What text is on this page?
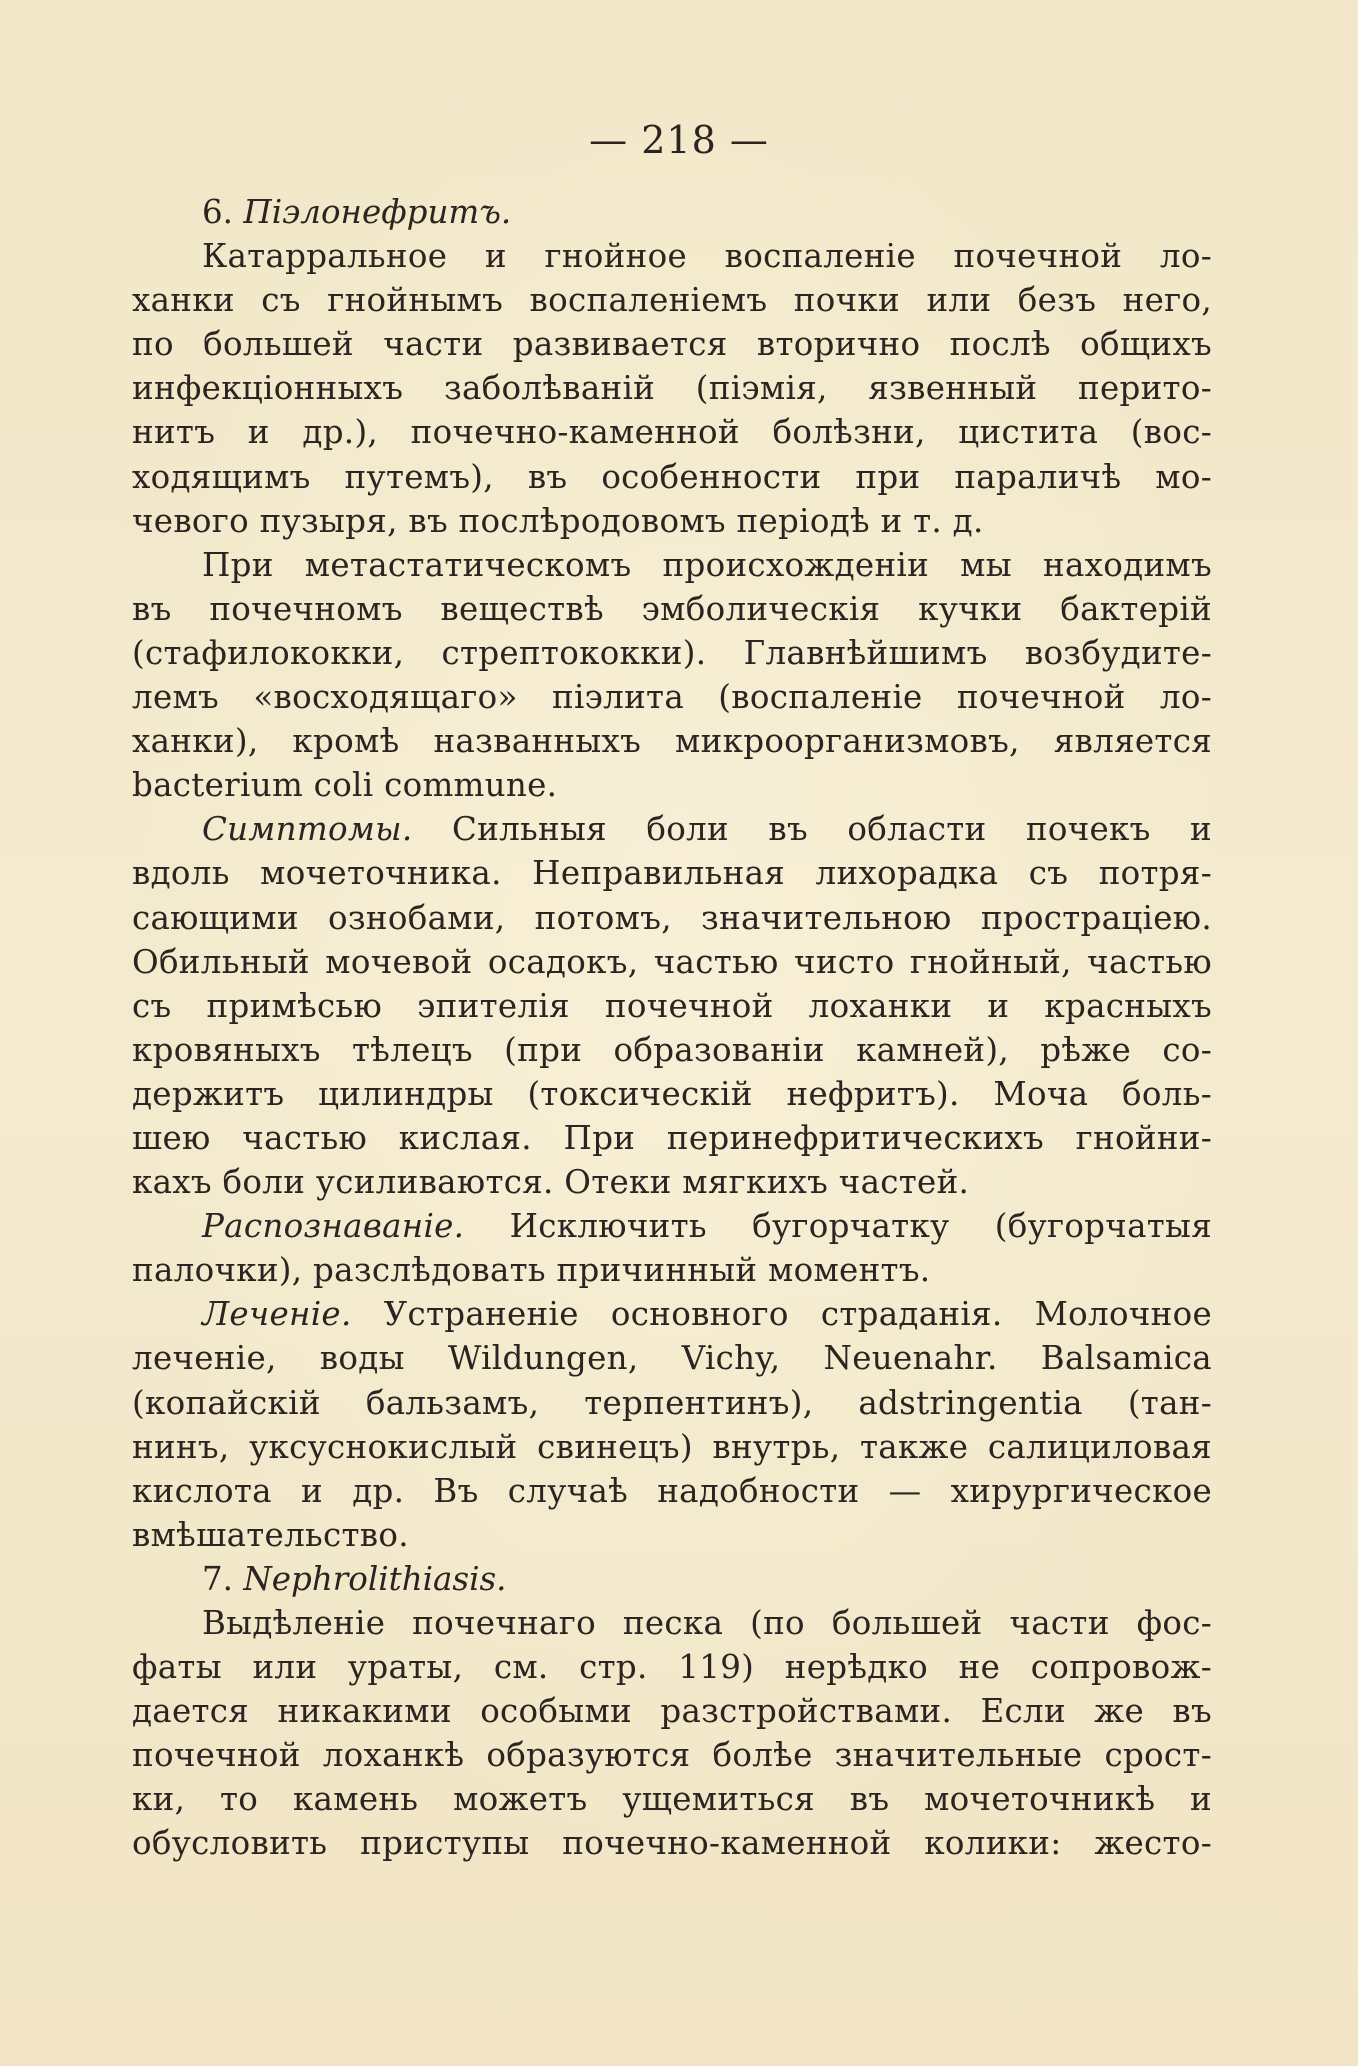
— 218 —
6. Піэлонефритъ.
Катарральное и гнойное воспаленіе почечной ло-
ханки съ гнойнымъ воспаленіемъ почки или безъ него,
по большей части развивается вторично послѣ общихъ
инфекціонныхъ заболѣваній (піэмія, язвенный перито-
нитъ и др.), почечно-каменной болѣзни, цистита (вос-
ходящимъ путемъ), въ особенности при параличѣ мо-
чевого пузыря, въ послѣродовомъ періодѣ и т. д.
При метастатическомъ происхожденіи мы находимъ
въ почечномъ веществѣ эмболическія кучки бактерій
(стафилококки, стрептококки). Главнѣйшимъ возбудите-
лемъ «восходящаго» піэлита (воспаленіе почечной ло-
ханки), кромѣ названныхъ микроорганизмовъ, является
bacterium coli commune.
Симптомы. Сильныя боли въ области почекъ и
вдоль мочеточника. Неправильная лихорадка съ потря-
сающими ознобами, потомъ, значительною прострацiею.
Обильный мочевой осадокъ, частью чисто гнойный, частью
съ примѣсью эпителія почечной лоханки и красныхъ
кровяныхъ тѣлецъ (при образованіи камней), рѣже со-
держитъ цилиндры (токсическій нефритъ). Моча боль-
шею частью кислая. При перинефритическихъ гнойни-
кахъ боли усиливаются. Отеки мягкихъ частей.
Распознаваніе. Исключить бугорчатку (бугорчатыя
палочки), разслѣдовать причинный моментъ.
Леченіе. Устраненіе основного страданія. Молочное
леченіе, воды Wildungen, Vichy, Neuenahr. Balsamica
(копайскій бальзамъ, терпентинъ), adstringentia (тан-
нинъ, уксуснокислый свинецъ) внутрь, также салициловая
кислота и др. Въ случаѣ надобности — хирургическое
вмѣшательство.
7. Nephrolithiasis.
Выдѣленіе почечнаго песка (по большей части фос-
фаты или ураты, см. стр. 119) нерѣдко не сопровож-
дается никакими особыми разстройствами. Если же въ
почечной лоханкѣ образуются болѣе значительные срост-
ки, то камень можетъ ущемиться въ мочеточникѣ и
обусловить приступы почечно-каменной колики: жесто-
